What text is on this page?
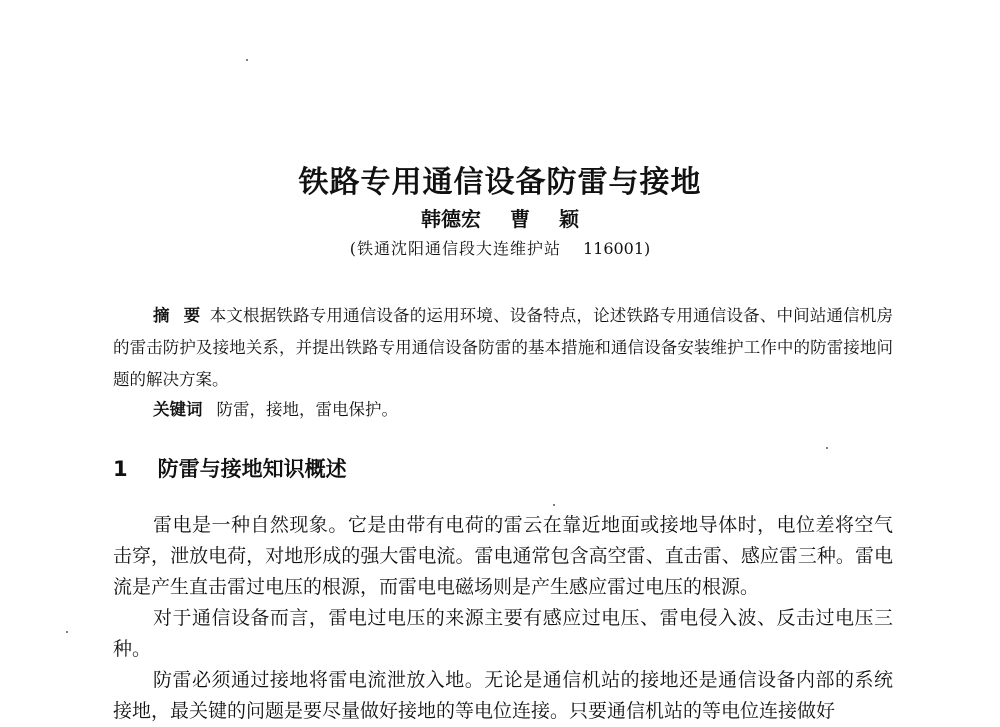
铁路专用通信设备防雷与接地
韩德宏 曹 颖
(铁通沈阳通信段大连维护站 116001)
摘 要 本文根据铁路专用通信设备的运用环境、设备特点，论述铁路专用通信设备、中间站通信机房的雷击防护及接地关系，并提出铁路专用通信设备防雷的基本措施和通信设备安装维护工作中的防雷接地问题的解决方案。
关键词 防雷，接地，雷电保护。
1 防雷与接地知识概述

雷电是一种自然现象。它是由带有电荷的雷云在靠近地面或接地导体时，电位差将空气击穿，泄放电荷，对地形成的强大雷电流。雷电通常包含高空雷、直击雷、感应雷三种。雷电流是产生直击雷过电压的根源，而雷电电磁场则是产生感应雷过电压的根源。

对于通信设备而言，雷电过电压的来源主要有感应过电压、雷电侵入波、反击过电压三种。

防雷必须通过接地将雷电流泄放入地。无论是通信机站的接地还是通信设备内部的系统接地，最关键的问题是要尽量做好接地的等电位连接。只要通信机站的等电位连接做好
